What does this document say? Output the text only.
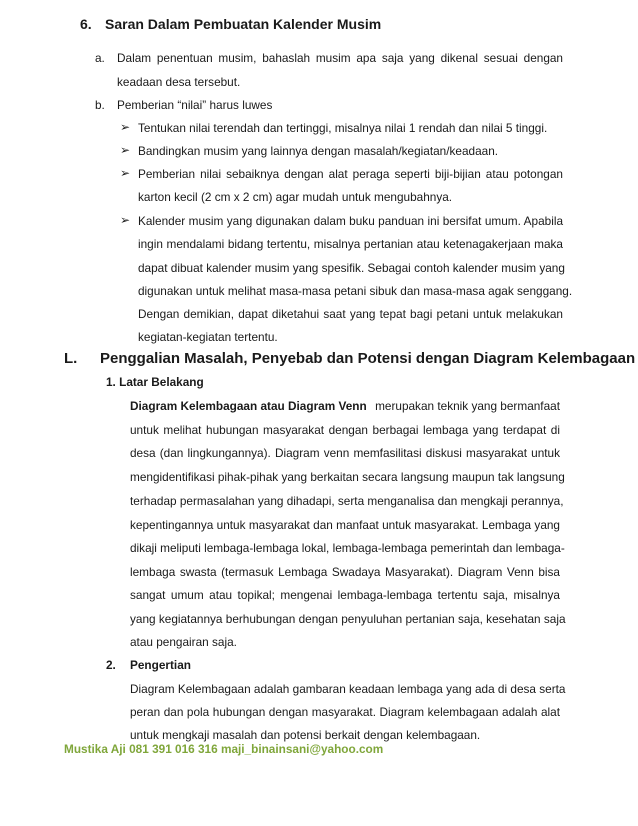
6. Saran Dalam Pembuatan Kalender Musim
a. Dalam penentuan musim, bahaslah musim apa saja yang dikenal sesuai dengan
keadaan desa tersebut.
b. Pemberian “nilai” harus luwes
➢ Tentukan nilai terendah dan tertinggi, misalnya nilai 1 rendah dan nilai 5 tinggi.
➢ Bandingkan musim yang lainnya dengan masalah/kegiatan/keadaan.
➢ Pemberian nilai sebaiknya dengan alat peraga seperti biji-bijian atau potongan
karton kecil (2 cm x 2 cm) agar mudah untuk mengubahnya.
➢ Kalender musim yang digunakan dalam buku panduan ini bersifat umum. Apabila
ingin mendalami bidang tertentu, misalnya pertanian atau ketenagakerjaan maka
dapat dibuat kalender musim yang spesifik. Sebagai contoh kalender musim yang
digunakan untuk melihat masa-masa petani sibuk dan masa-masa agak senggang.
Dengan demikian, dapat diketahui saat yang tepat bagi petani untuk melakukan
kegiatan-kegiatan tertentu.
L. Penggalian Masalah, Penyebab dan Potensi dengan Diagram Kelembagaan
1. Latar Belakang
Diagram Kelembagaan atau Diagram Venn merupakan teknik yang bermanfaat
untuk melihat hubungan masyarakat dengan berbagai lembaga yang terdapat di
desa (dan lingkungannya). Diagram venn memfasilitasi diskusi masyarakat untuk
mengidentifikasi pihak-pihak yang berkaitan secara langsung maupun tak langsung
terhadap permasalahan yang dihadapi, serta menganalisa dan mengkaji perannya,
kepentingannya untuk masyarakat dan manfaat untuk masyarakat. Lembaga yang
dikaji meliputi lembaga-lembaga lokal, lembaga-lembaga pemerintah dan lembaga-
lembaga swasta (termasuk Lembaga Swadaya Masyarakat). Diagram Venn bisa
sangat umum atau topikal; mengenai lembaga-lembaga tertentu saja, misalnya
yang kegiatannya berhubungan dengan penyuluhan pertanian saja, kesehatan saja
atau pengairan saja.
2. Pengertian
Diagram Kelembagaan adalah gambaran keadaan lembaga yang ada di desa serta
peran dan pola hubungan dengan masyarakat. Diagram kelembagaan adalah alat
untuk mengkaji masalah dan potensi berkait dengan kelembagaan.
Mustika Aji 081 391 016 316 maji_binainsani@yahoo.com
